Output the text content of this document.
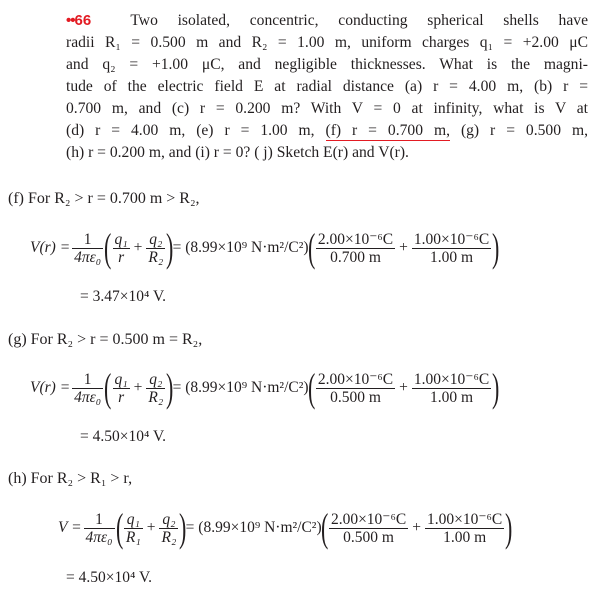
••66	Two isolated, concentric, conducting spherical shells have
radii R₁ = 0.500 m and R₂ = 1.00 m, uniform charges q₁ = +2.00 μC
and q₂ = +1.00 μC, and negligible thicknesses. What is the magni-
tude of the electric field E at radial distance (a) r = 4.00 m, (b) r =
0.700 m, and (c) r = 0.200 m? With V = 0 at infinity, what is V at
(d) r = 4.00 m, (e) r = 1.00 m, (f) r = 0.700 m, (g) r = 0.500 m,
(h) r = 0.200 m, and (i) r = 0? ( j) Sketch E(r) and V(r).
(f) For R₂ > r = 0.700 m > R₂,
$V(r) = \frac{1}{\text{4πε₀}}$ ( $\frac{\text{q₁}}{r} + \frac{\text{q₂}}{\text{R₂}}$ )
= (8.99×10⁹ N·m²/C²)
( $\frac{\text{2.00×10⁻⁶C}}{0.700 m} + \frac{\text{1.00×10⁻⁶C}}{1.00 m}$ )
= 3.47×10⁴ V.
(g) For R₂ > r = 0.500 m = R₂,
$V(r) = \frac{1}{\text{4πε₀}}$ ( $\frac{\text{q₁}}{r} + \frac{\text{q₂}}{\text{R₂}}$ )
= (8.99×10⁹ N·m²/C²)
( $\frac{\text{2.00×10⁻⁶C}}{0.500 m} + \frac{\text{1.00×10⁻⁶C}}{1.00 m}$ )
= 4.50×10⁴ V.
(h) For R₂ > R₁ > r,
$V = \frac{1}{\text{4πε₀}}$ ( $\frac{\text{q₁}}{\text{R₁}} + \frac{\text{q₂}}{\text{R₂}}$ )
= (8.99×10⁹ N·m²/C²)
( $\frac{\text{2.00×10⁻⁶C}}{0.500 m} + \frac{\text{1.00×10⁻⁶C}}{1.00 m}$ )
= 4.50×10⁴ V.
